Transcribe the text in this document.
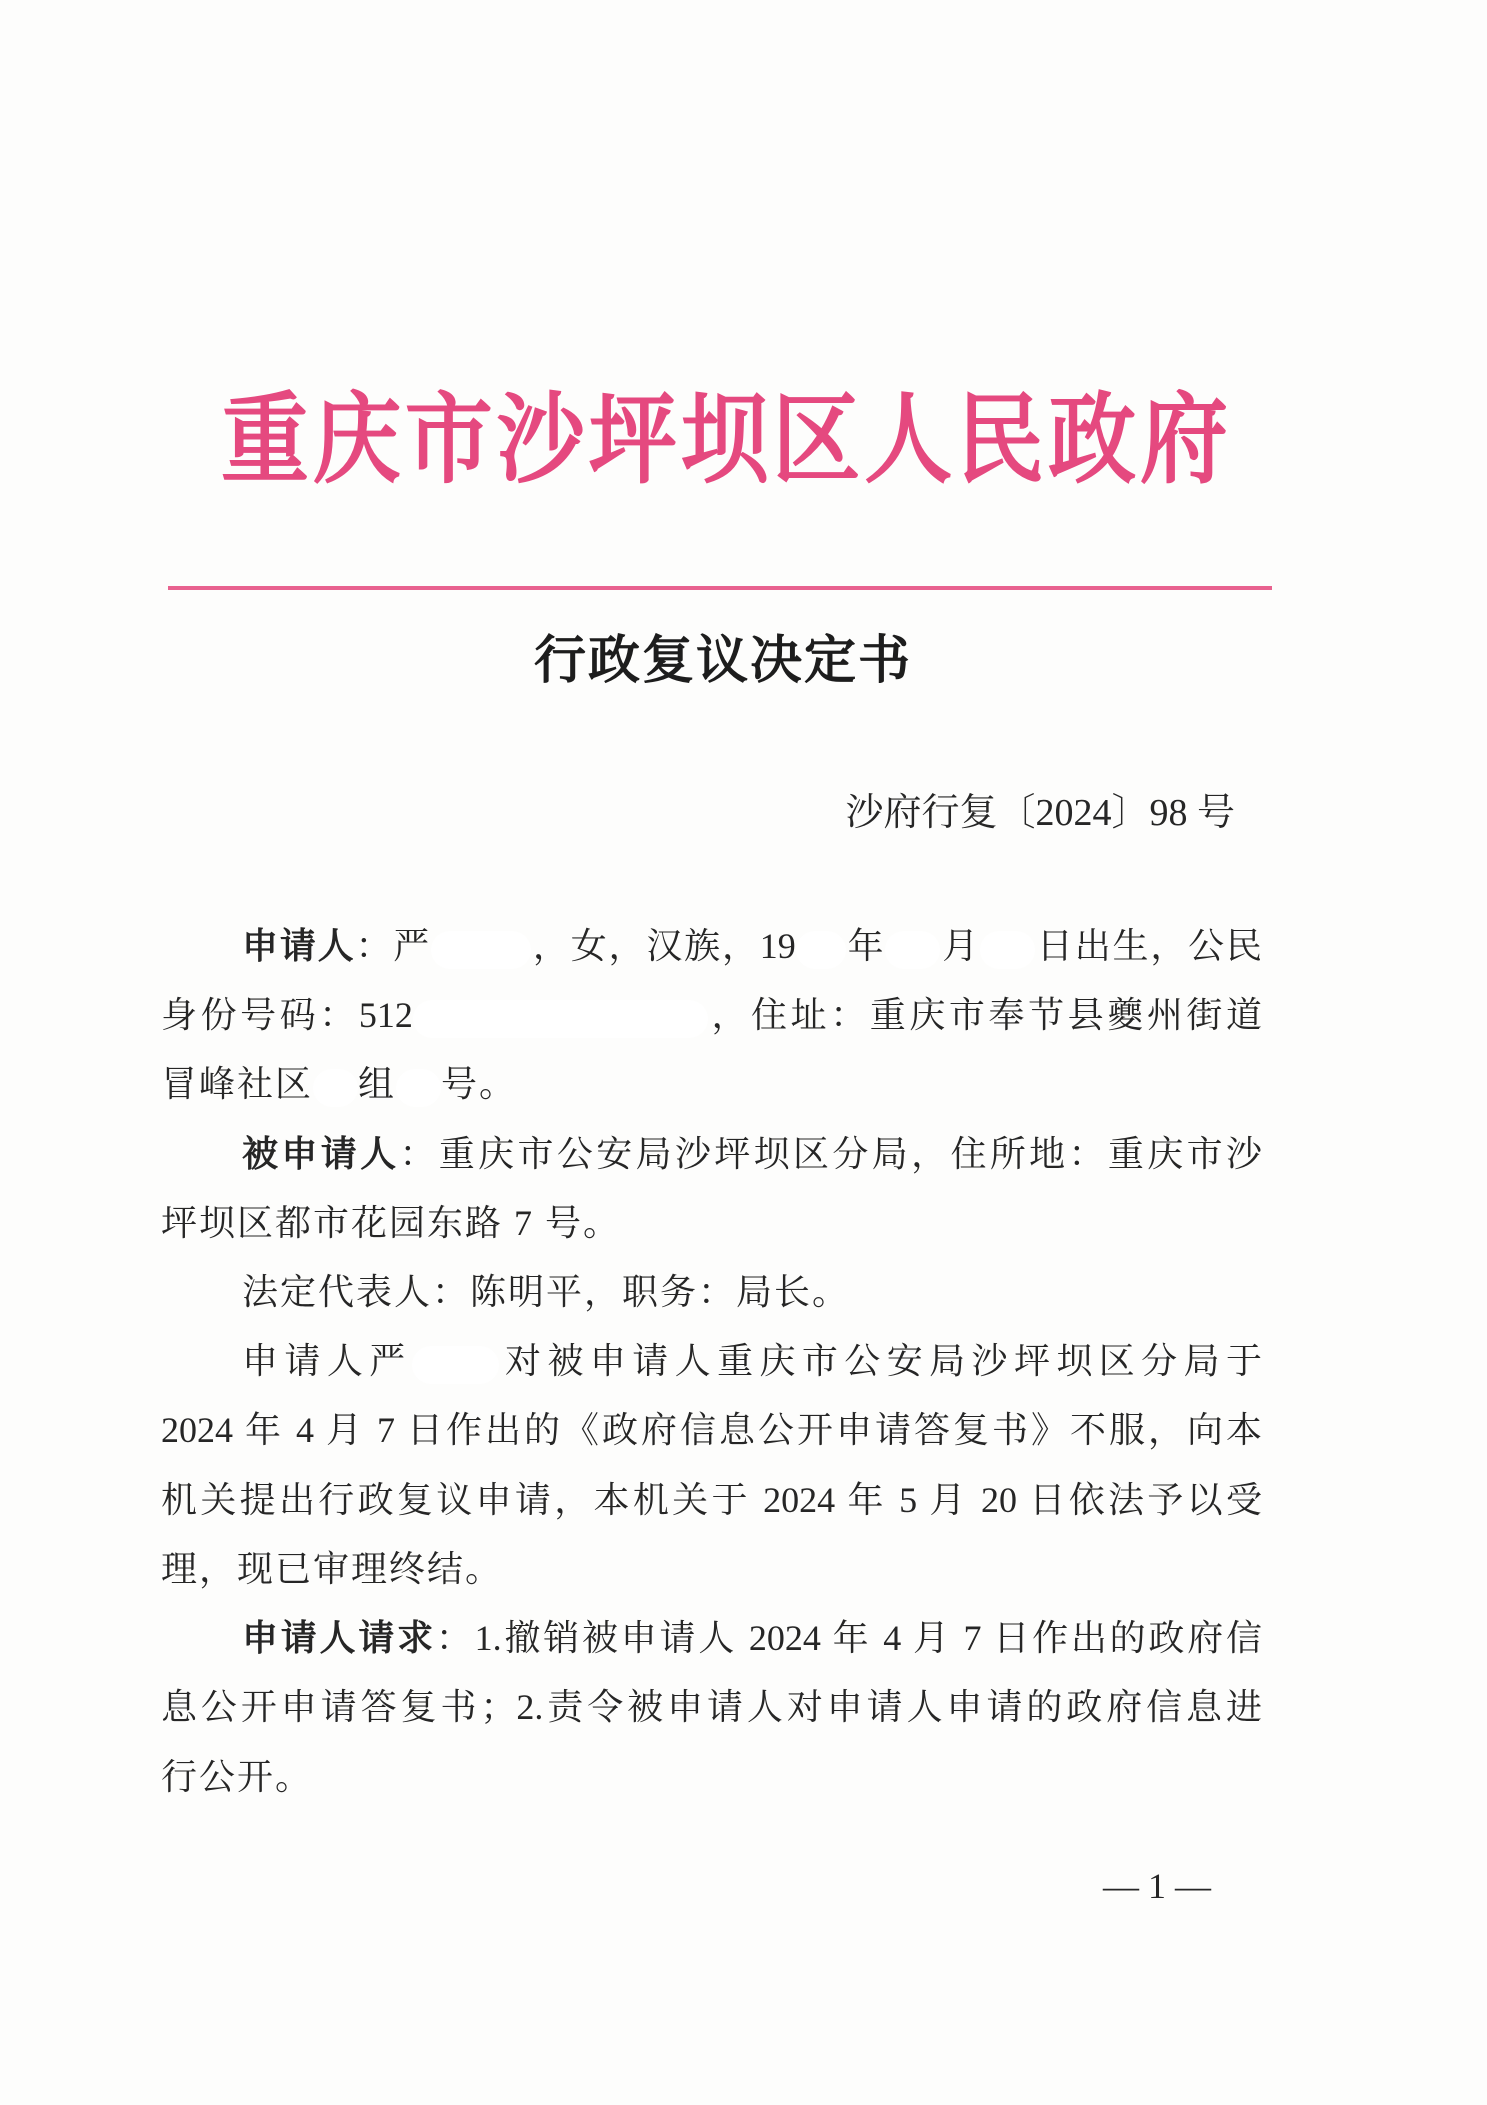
重庆市沙坪坝区人民政府
行政复议决定书
沙府行复〔2024〕98 号
申请人：严	，女，汉族，19 年 月 日出生，公民
身份号码：512	，住址：重庆市奉节县夔州街道
冒峰社区 组 号。
被申请人：重庆市公安局沙坪坝区分局，住所地：重庆市沙
坪坝区都市花园东路 7 号。
法定代表人：陈明平，职务：局长。
申请人严 对被申请人重庆市公安局沙坪坝区分局于
2024 年 4 月 7 日作出的《政府信息公开申请答复书》不服，向本
机关提出行政复议申请，本机关于 2024 年 5 月 20 日依法予以受
理，现已审理终结。
申请人请求：1.撤销被申请人 2024 年 4 月 7 日作出的政府信
息公开申请答复书；2.责令被申请人对申请人申请的政府信息进
行公开。
— 1 —
